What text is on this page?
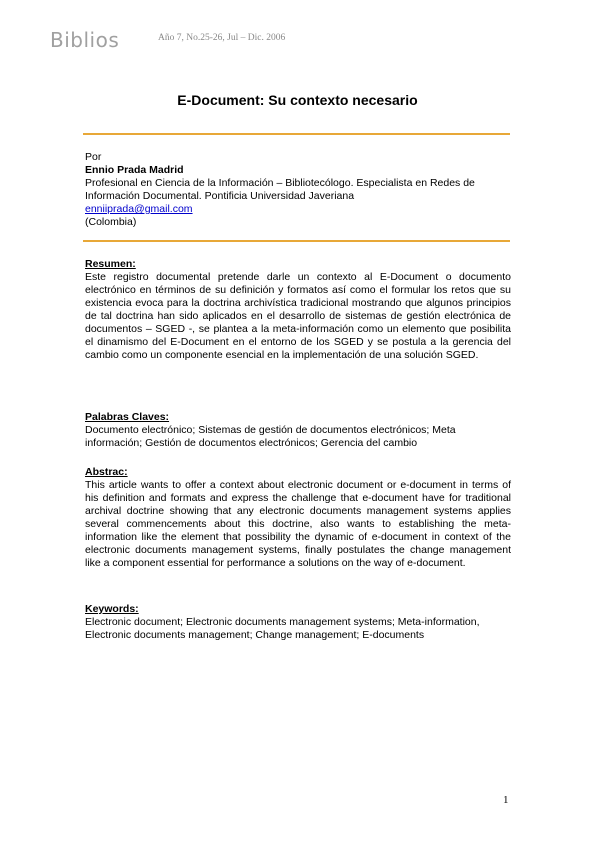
Biblios	Año 7, No.25-26, Jul – Dic. 2006
E-Document: Su contexto necesario

Por

Ennio Prada Madrid

Profesional en Ciencia de la Información – Bibliotecólogo. Especialista en Redes de Información Documental. Pontificia Universidad Javeriana

enniiprada@gmail.com

(Colombia)

Resumen:

Este registro documental pretende darle un contexto al E-Document o documento electrónico en términos de su definición y formatos así como el formular los retos que su existencia evoca para la doctrina archivística tradicional mostrando que algunos principios de tal doctrina han sido aplicados en el desarrollo de sistemas de gestión electrónica de documentos – SGED -, se plantea a la meta-información como un elemento que posibilita el dinamismo del E-Document en el entorno de los SGED y se postula a la gerencia del cambio como un componente esencial en la implementación de una solución SGED.

Palabras Claves:

Documento electrónico; Sistemas de gestión de documentos electrónicos; Meta información; Gestión de documentos electrónicos; Gerencia del cambio

Abstrac:

This article wants to offer a context about electronic document or e-document in terms of his definition and formats and express the challenge that e-document have for traditional archival doctrine showing that any electronic documents management systems applies several commencements about this doctrine, also wants to establishing the meta-information like the element that possibility the dynamic of e-document in context of the electronic documents management systems, finally postulates the change management like a component essential for performance a solutions on the way of e-document.

Keywords:

Electronic document; Electronic documents management systems; Meta-information, Electronic documents management; Change management; E-documents

1
